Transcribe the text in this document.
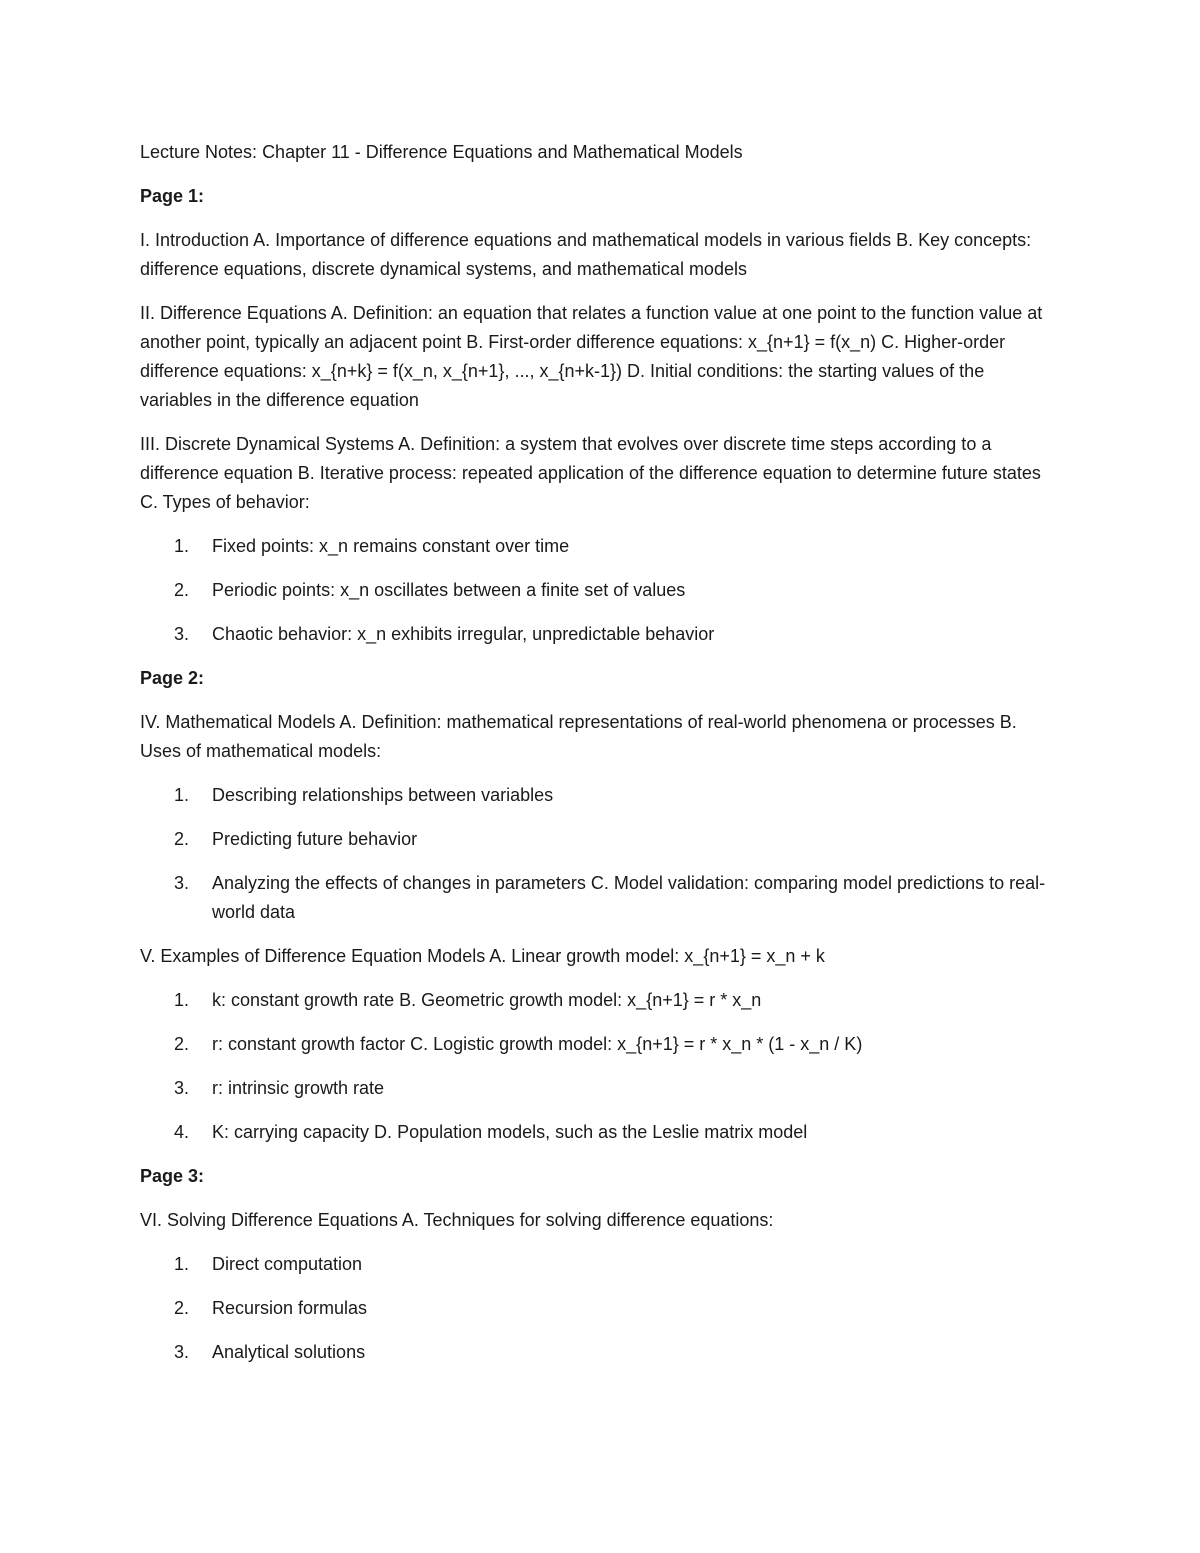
Lecture Notes: Chapter 11 - Difference Equations and Mathematical Models

Page 1:

I. Introduction A. Importance of difference equations and mathematical models in various fields B. Key concepts: difference equations, discrete dynamical systems, and mathematical models

II. Difference Equations A. Definition: an equation that relates a function value at one point to the function value at another point, typically an adjacent point B. First-order difference equations: x_{n+1} = f(x_n) C. Higher-order difference equations: x_{n+k} = f(x_n, x_{n+1}, ..., x_{n+k-1}) D. Initial conditions: the starting values of the variables in the difference equation

III. Discrete Dynamical Systems A. Definition: a system that evolves over discrete time steps according to a difference equation B. Iterative process: repeated application of the difference equation to determine future states C. Types of behavior:

1. Fixed points: x_n remains constant over time
2. Periodic points: x_n oscillates between a finite set of values
3. Chaotic behavior: x_n exhibits irregular, unpredictable behavior

Page 2:

IV. Mathematical Models A. Definition: mathematical representations of real-world phenomena or processes B. Uses of mathematical models:

1. Describing relationships between variables
2. Predicting future behavior
3. Analyzing the effects of changes in parameters C. Model validation: comparing model predictions to real-world data

V. Examples of Difference Equation Models A. Linear growth model: x_{n+1} = x_n + k

1. k: constant growth rate B. Geometric growth model: x_{n+1} = r * x_n
2. r: constant growth factor C. Logistic growth model: x_{n+1} = r * x_n * (1 - x_n / K)
3. r: intrinsic growth rate
4. K: carrying capacity D. Population models, such as the Leslie matrix model

Page 3:

VI. Solving Difference Equations A. Techniques for solving difference equations:

1. Direct computation
2. Recursion formulas
3. Analytical solutions
